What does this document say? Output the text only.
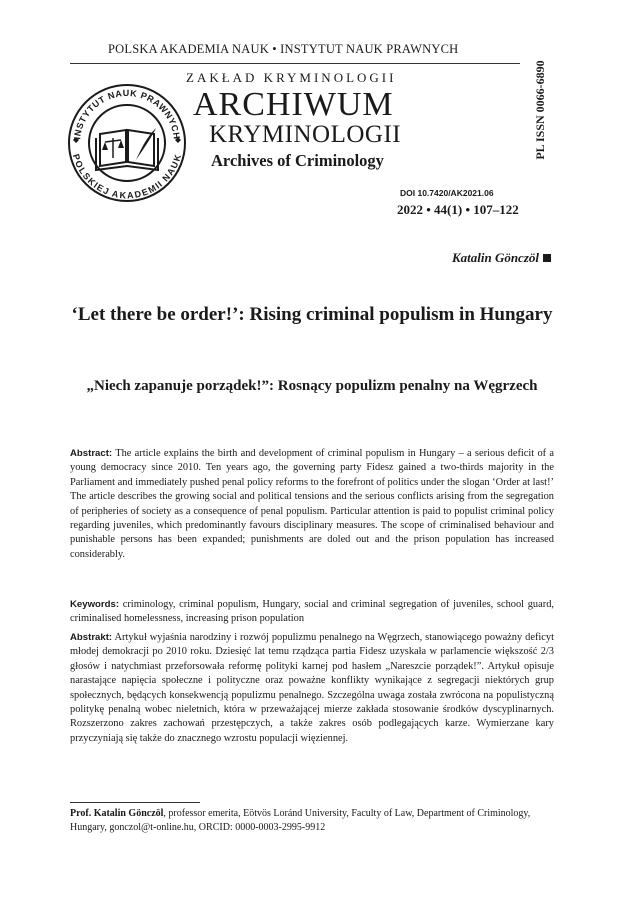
POLSKA AKADEMIA NAUK • INSTYTUT NAUK PRAWNYCH
INSTYTUT NAUK PRAWNYCH
POLSKIEJ AKADEMII NAUK
ZAKŁAD KRYMINOLOGII
ARCHIWUM
KRYMINOLOGII
Archives of Criminology
PL ISSN 0066-6890
DOI 10.7420/AK2021.06
2022 • 44(1) • 107–122
Katalin Gönczöl
‘Let there be order!’: Rising criminal populism in Hungary
„Niech zapanuje porządek!”: Rosnący populizm penalny na Węgrzech
Abstract: The article explains the birth and development of criminal populism in Hungary – a serious deficit of a young democracy since 2010. Ten years ago, the governing party Fidesz gained a two-thirds majority in the Parliament and immediately pushed penal policy reforms to the forefront of politics under the slogan ‘Order at last!’ The article describes the growing social and political tensions and the serious conflicts arising from the segregation of peripheries of society as a consequence of penal populism. Particular attention is paid to populist criminal policy regarding juveniles, which predominantly favours disciplinary measures. The scope of criminalised behaviour and punishable persons has been expanded; punishments are doled out and the prison population has increased considerably.
Keywords: criminology, criminal populism, Hungary, social and criminal segregation of juveniles, school guard, criminalised homelessness, increasing prison population
Abstrakt: Artykuł wyjaśnia narodziny i rozwój populizmu penalnego na Węgrzech, stanowiącego poważny deficyt młodej demokracji po 2010 roku. Dziesięć lat temu rządząca partia Fidesz uzyskała w parlamencie większość 2/3 głosów i natychmiast przeforsowała reformę polityki karnej pod hasłem „Nareszcie porządek!”. Artykuł opisuje narastające napięcia społeczne i polityczne oraz poważne konflikty wynikające z segregacji niektórych grup społecznych, będących konsekwencją populizmu penalnego. Szczególna uwaga została zwrócona na populistyczną politykę penalną wobec nieletnich, która w przeważającej mierze zakłada stosowanie środków dyscyplinarnych. Rozszerzono zakres zachowań przestępczych, a także zakres osób podlegających karze. Wymierzane kary przyczyniają się także do znacznego wzrostu populacji więziennej.
Prof. Katalin Gönczöl, professor emerita, Eötvös Loránd University, Faculty of Law, Department of Criminology, Hungary, gonczol@t-online.hu, ORCID: 0000-0003-2995-9912
